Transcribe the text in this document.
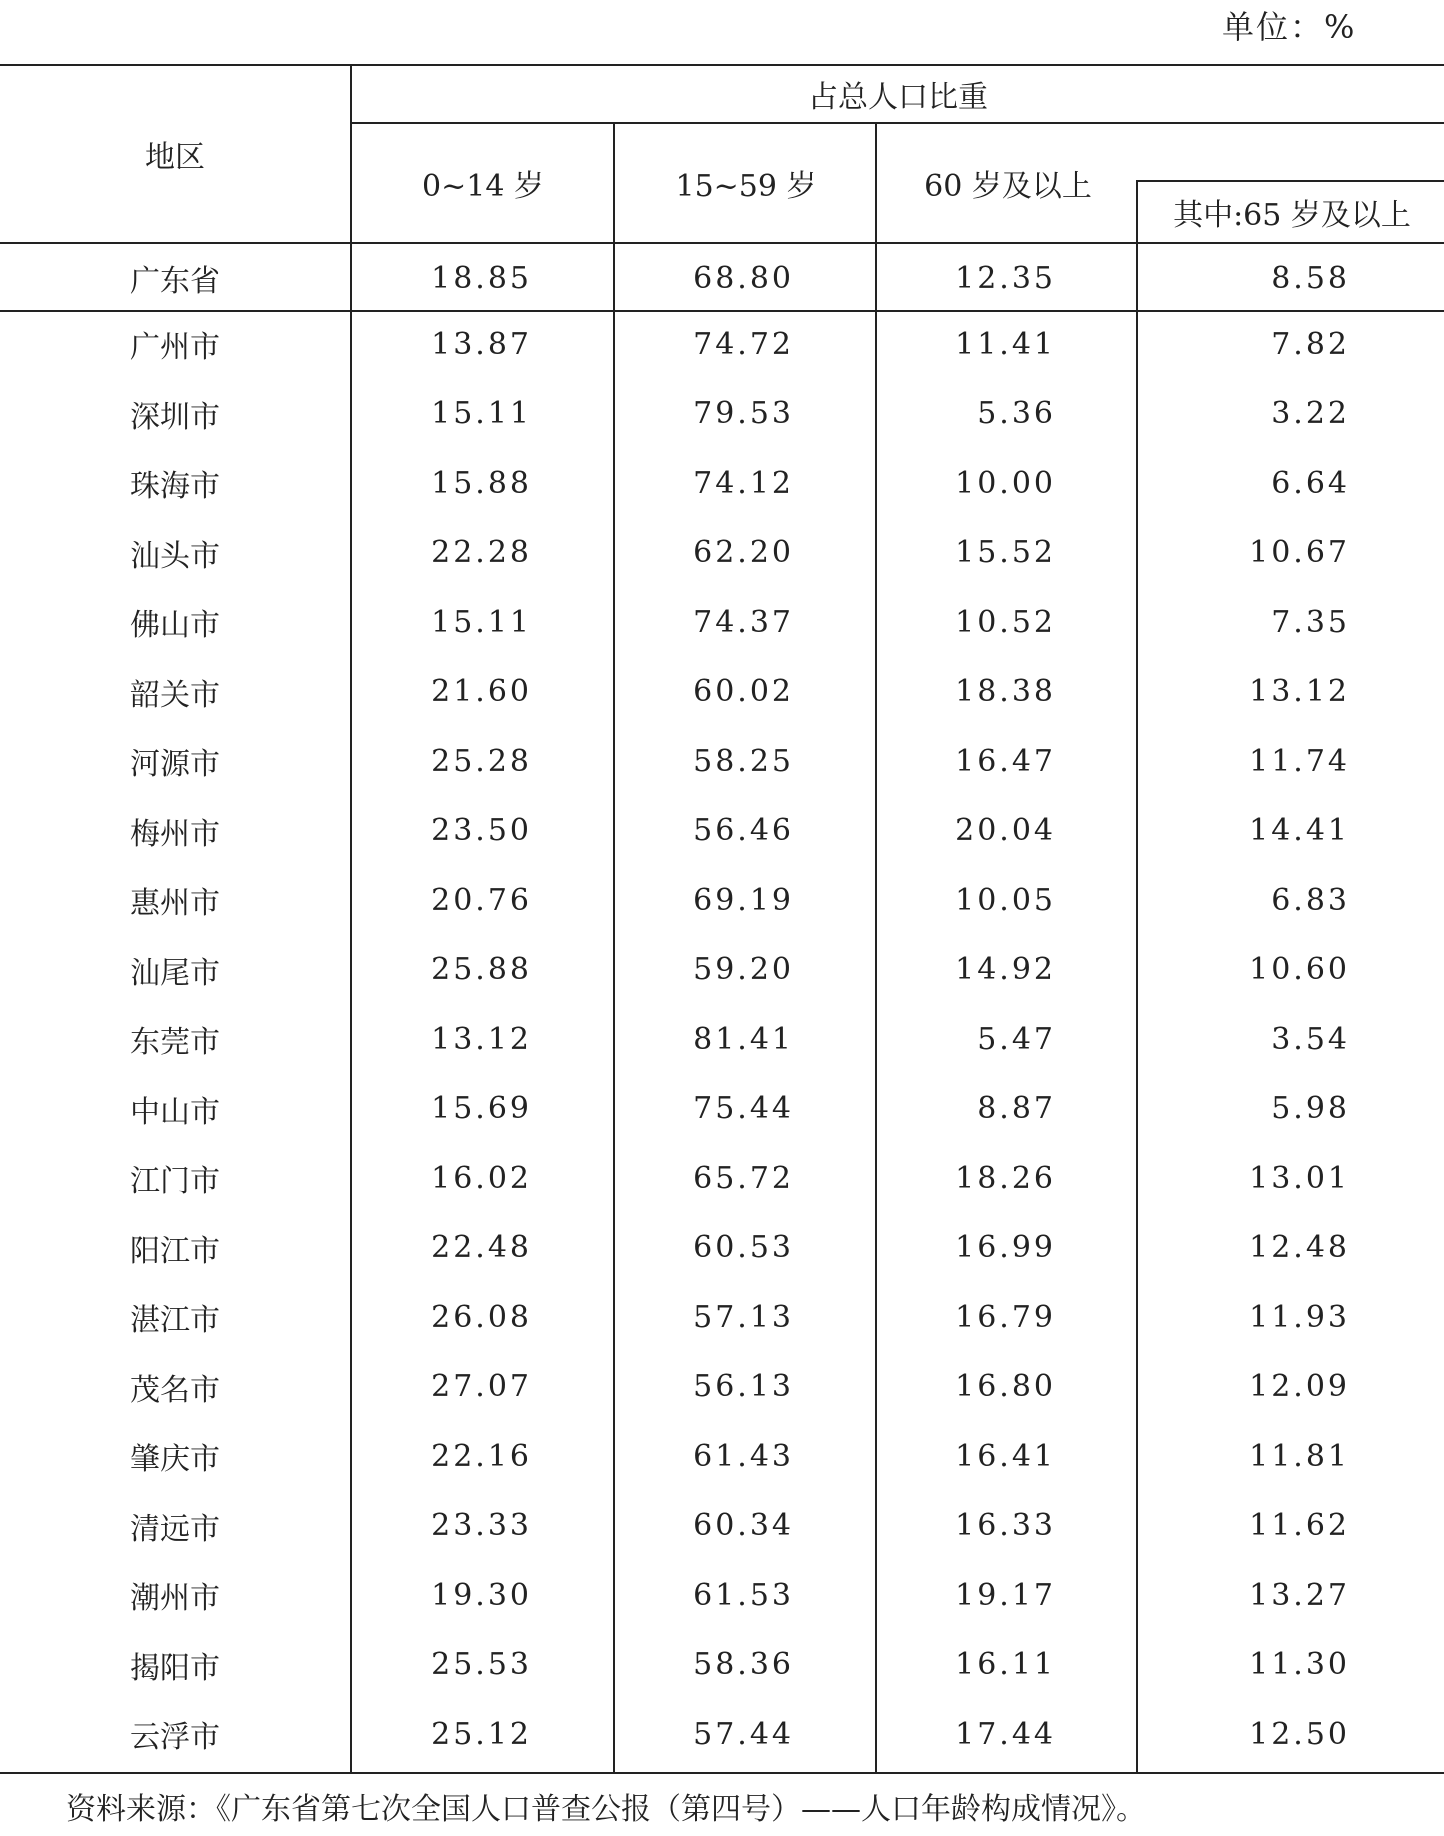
单位：%
地区
占总人口比重
0~14 岁	15~59 岁	60 岁及以上
其中:65 岁及以上
广东省	18.85	68.80	12.35	8.58
广州市	13.87	74.72	11.41	7.82
深圳市	15.11	79.53	5.36	3.22
珠海市	15.88	74.12	10.00	6.64
汕头市	22.28	62.20	15.52	10.67
佛山市	15.11	74.37	10.52	7.35
韶关市	21.60	60.02	18.38	13.12
河源市	25.28	58.25	16.47	11.74
梅州市	23.50	56.46	20.04	14.41
惠州市	20.76	69.19	10.05	6.83
汕尾市	25.88	59.20	14.92	10.60
东莞市	13.12	81.41	5.47	3.54
中山市	15.69	75.44	8.87	5.98
江门市	16.02	65.72	18.26	13.01
阳江市	22.48	60.53	16.99	12.48
湛江市	26.08	57.13	16.79	11.93
茂名市	27.07	56.13	16.80	12.09
肇庆市	22.16	61.43	16.41	11.81
清远市	23.33	60.34	16.33	11.62
潮州市	19.30	61.53	19.17	13.27
揭阳市	25.53	58.36	16.11	11.30
云浮市	25.12	57.44	17.44	12.50
资料来源：《广东省第七次全国人口普查公报（第四号）——人口年龄构成情况》。
